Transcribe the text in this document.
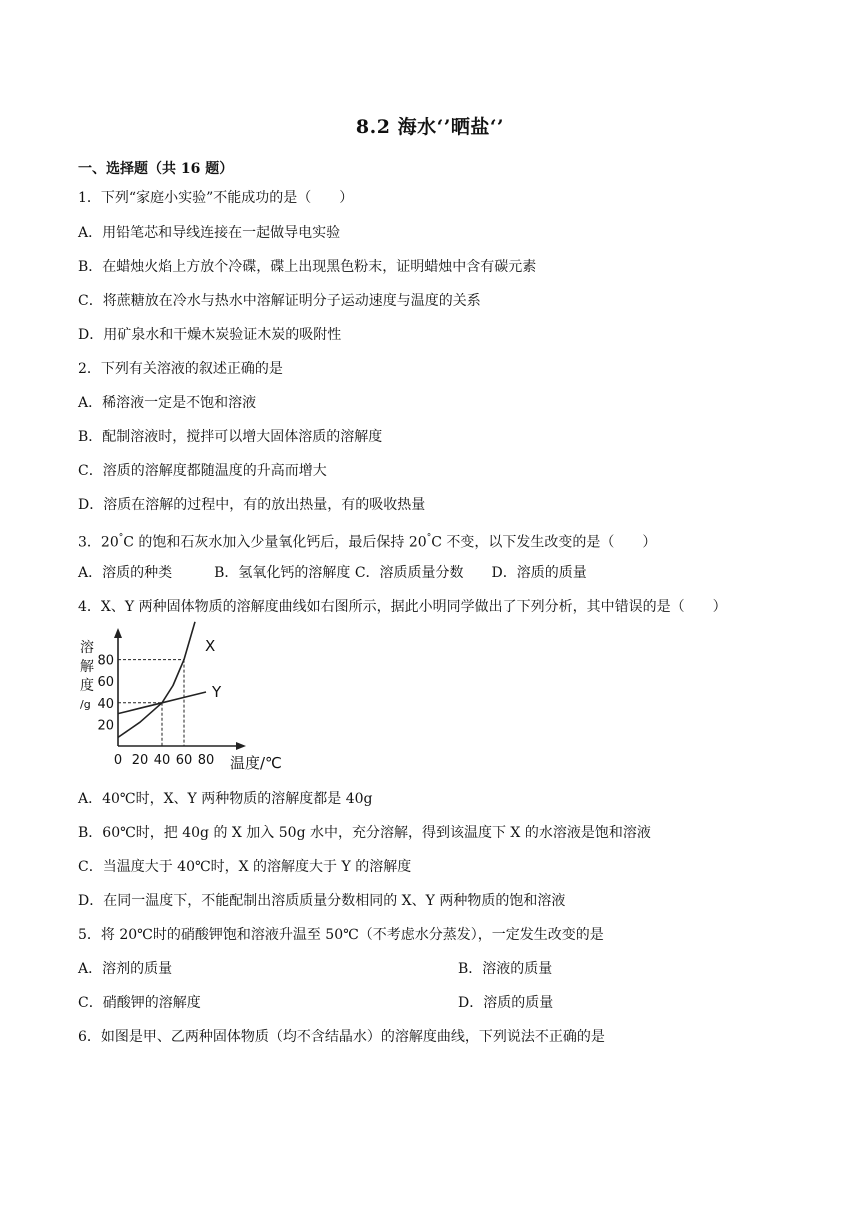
8.2 海水‘’晒盐‘’
一、选择题（共 16 题）
1．下列“家庭小实验”不能成功的是（　　）
A．用铅笔芯和导线连接在一起做导电实验
B．在蜡烛火焰上方放个冷碟，碟上出现黑色粉末，证明蜡烛中含有碳元素
C．将蔗糖放在冷水与热水中溶解证明分子运动速度与温度的关系
D．用矿泉水和干燥木炭验证木炭的吸附性
2．下列有关溶液的叙述正确的是
A．稀溶液一定是不饱和溶液
B．配制溶液时，搅拌可以增大固体溶质的溶解度
C．溶质的溶解度都随温度的升高而增大
D．溶质在溶解的过程中，有的放出热量，有的吸收热量
3．20°C 的饱和石灰水加入少量氧化钙后，最后保持 20°C 不变，以下发生改变的是（　　）
A．溶质的种类　　　B．氢氧化钙的溶解度 C．溶质质量分数　　D．溶质的质量
4．X、Y 两种固体物质的溶解度曲线如右图所示，据此小明同学做出了下列分析，其中错误的是（　　）
溶
解
度
/g
20
40
60
80
0 20 40 60 80 温度/℃
X
Y
A．40℃时，X、Y 两种物质的溶解度都是 40g
B．60℃时，把 40g 的 X 加入 50g 水中，充分溶解，得到该温度下 X 的水溶液是饱和溶液
C．当温度大于 40℃时，X 的溶解度大于 Y 的溶解度
D．在同一温度下，不能配制出溶质质量分数相同的 X、Y 两种物质的饱和溶液
5．将 20℃时的硝酸钾饱和溶液升温至 50℃（不考虑水分蒸发），一定发生改变的是
A．溶剂的质量	B．溶液的质量
C．硝酸钾的溶解度	D．溶质的质量
6．如图是甲、乙两种固体物质（均不含结晶水）的溶解度曲线，下列说法不正确的是
